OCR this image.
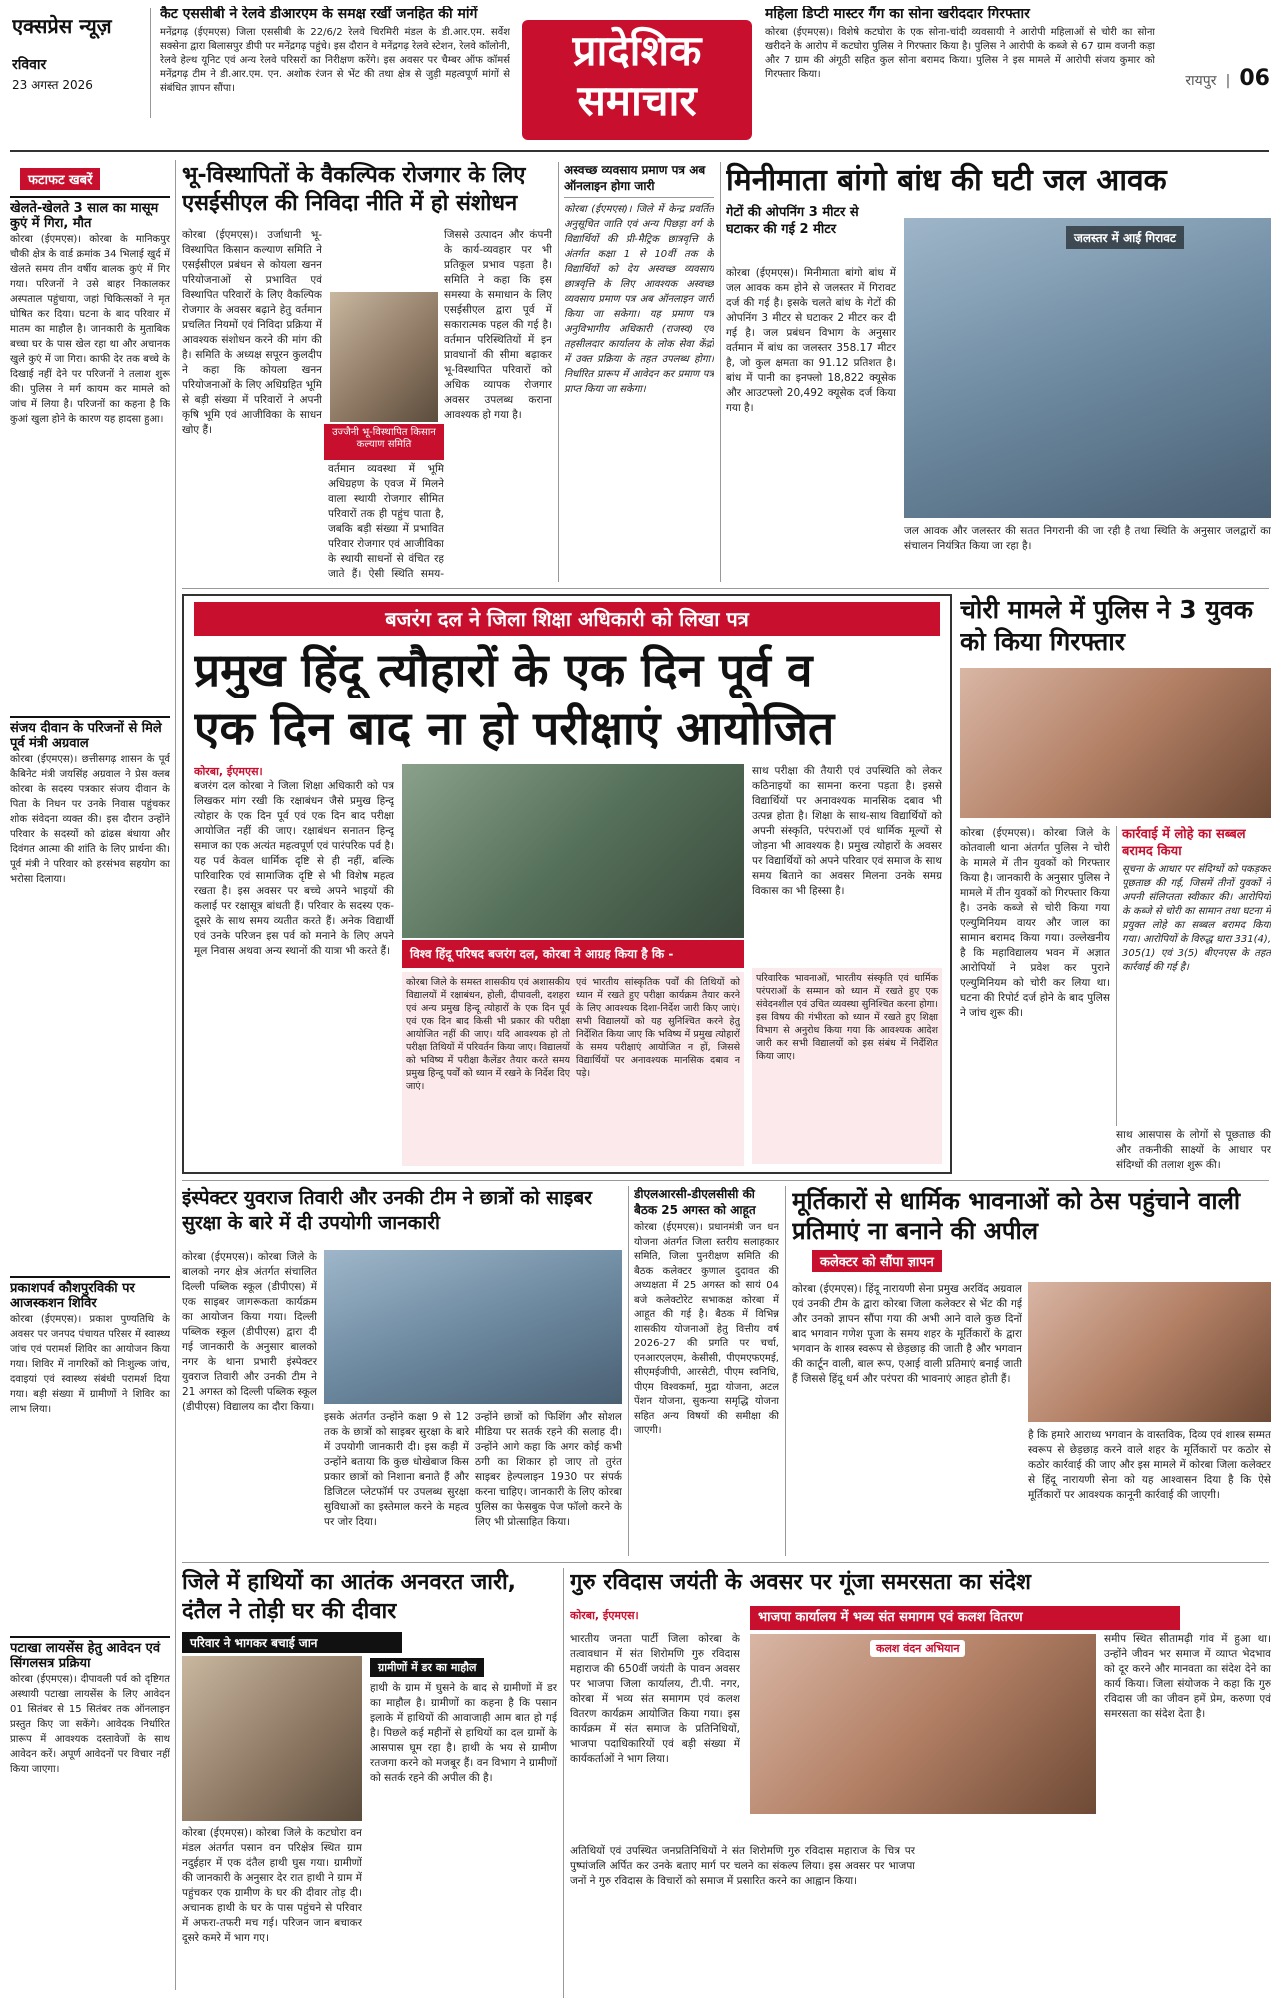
एक्सप्रेस न्यूज़
रविवार
23 अगस्त 2026
कैट एससीबी ने रेलवे डीआरएम के समक्ष रखीं जनहित की मांगें
मनेंद्रगढ़ (ईएमएस) जिला एससीबी के 22/6/2 रेलवे चिरमिरी मंडल के डी.आर.एम. सर्वेश सक्सेना द्वारा बिलासपुर डीपी पर मनेंद्रगढ़ पहुंचे। इस दौरान वे मनेंद्रगढ़ रेलवे स्टेशन, रेलवे कॉलोनी, रेलवे हेल्थ यूनिट एवं अन्य रेलवे परिसरों का निरीक्षण करेंगे। इस अवसर पर चैम्बर ऑफ कॉमर्स मनेंद्रगढ़ टीम ने डी.आर.एम. एन. अशोक रंजन से भेंट की तथा क्षेत्र से जुड़ी महत्वपूर्ण मांगों से संबंधित ज्ञापन सौंपा।
प्रादेशिक
समाचार
महिला डिप्टी मास्टर गैंग का सोना खरीददार गिरफ्तार
कोरबा (ईएमएस)। विशेषे कटघोरा के एक सोना-चांदी व्यवसायी ने आरोपी महिलाओं से चोरी का सोना खरीदने के आरोप में कटघोरा पुलिस ने गिरफ्तार किया है। पुलिस ने आरोपी के कब्जे से 67 ग्राम वजनी कड़ा और 7 ग्राम की अंगूठी सहित कुल सोना बरामद किया। पुलिस ने इस मामले में आरोपी संजय कुमार को गिरफ्तार किया।	रायपुर | 06
फटाफट खबरें
खेलते-खेलते 3 साल का मासूम कुएं में गिरा, मौत
कोरबा (ईएमएस)। कोरबा के मानिकपुर चौकी क्षेत्र के वार्ड क्रमांक 34 भिलाई खुर्द में खेलते समय तीन वर्षीय बालक कुएं में गिर गया। परिजनों ने उसे बाहर निकालकर अस्पताल पहुंचाया, जहां चिकित्सकों ने मृत घोषित कर दिया। घटना के बाद परिवार में मातम का माहौल है। जानकारी के मुताबिक बच्चा घर के पास खेल रहा था और अचानक खुले कुएं में जा गिरा। काफी देर तक बच्चे के दिखाई नहीं देने पर परिजनों ने तलाश शुरू की। पुलिस ने मर्ग कायम कर मामले को जांच में लिया है। परिजनों का कहना है कि कुआं खुला होने के कारण यह हादसा हुआ।
संजय दीवान के परिजनों से मिले पूर्व मंत्री अग्रवाल
कोरबा (ईएमएस)। छत्तीसगढ़ शासन के पूर्व कैबिनेट मंत्री जयसिंह अग्रवाल ने प्रेस क्लब कोरबा के सदस्य पत्रकार संजय दीवान के पिता के निधन पर उनके निवास पहुंचकर शोक संवेदना व्यक्त की। इस दौरान उन्होंने परिवार के सदस्यों को ढांढस बंधाया और दिवंगत आत्मा की शांति के लिए प्रार्थना की। पूर्व मंत्री ने परिवार को हरसंभव सहयोग का भरोसा दिलाया।
प्रकाशपर्व कौशपुरविकी पर आजस्कशन शिविर
कोरबा (ईएमएस)। प्रकाश पुण्यतिथि के अवसर पर जनपद पंचायत परिसर में स्वास्थ्य जांच एवं परामर्श शिविर का आयोजन किया गया। शिविर में नागरिकों को निःशुल्क जांच, दवाइयां एवं स्वास्थ्य संबंधी परामर्श दिया गया। बड़ी संख्या में ग्रामीणों ने शिविर का लाभ लिया।
पटाखा लायसेंस हेतु आवेदन एवं सिंगलसत्र प्रक्रिया
कोरबा (ईएमएस)। दीपावली पर्व को दृष्टिगत अस्थायी पटाखा लायसेंस के लिए आवेदन 01 सितंबर से 15 सितंबर तक ऑनलाइन प्रस्तुत किए जा सकेंगे। आवेदक निर्धारित प्रारूप में आवश्यक दस्तावेजों के साथ आवेदन करें। अपूर्ण आवेदनों पर विचार नहीं किया जाएगा।
भू-विस्थापितों के वैकल्पिक रोजगार के लिए एसईसीएल की निविदा नीति में हो संशोधन
उज्जैनी भू-विस्थापित किसान कल्याण समिति
कोरबा (ईएमएस)। उर्जाधानी भू-विस्थापित किसान कल्याण समिति ने एसईसीएल प्रबंधन से कोयला खनन परियोजनाओं से प्रभावित एवं विस्थापित परिवारों के लिए वैकल्पिक रोजगार के अवसर बढ़ाने हेतु वर्तमान प्रचलित नियमों एवं निविदा प्रक्रिया में आवश्यक संशोधन करने की मांग की है। समिति के अध्यक्ष सपूरन कुलदीप ने कहा कि कोयला खनन परियोजनाओं के लिए अधिग्रहित भूमि से बड़ी संख्या में परिवारों ने अपनी कृषि भूमि एवं आजीविका के साधन खोए हैं।
वर्तमान व्यवस्था में भूमि अधिग्रहण के एवज में मिलने वाला स्थायी रोजगार सीमित परिवारों तक ही पहुंच पाता है, जबकि बड़ी संख्या में प्रभावित परिवार रोजगार एवं आजीविका के स्थायी साधनों से वंचित रह जाते हैं। ऐसी स्थिति समय-
जिससे उत्पादन और कंपनी के कार्य-व्यवहार पर भी प्रतिकूल प्रभाव पड़ता है। समिति ने कहा कि इस समस्या के समाधान के लिए एसईसीएल द्वारा पूर्व में सकारात्मक पहल की गई है। वर्तमान परिस्थितियों में इन प्रावधानों की सीमा बढ़ाकर भू-विस्थापित परिवारों को अधिक व्यापक रोजगार अवसर उपलब्ध कराना आवश्यक हो गया है।
अस्वच्छ व्यवसाय प्रमाण पत्र अब ऑनलाइन होगा जारी
कोरबा (ईएमएस)। जिले में केन्द्र प्रवर्तित अनुसूचित जाति एवं अन्य पिछड़ा वर्ग के विद्यार्थियों की प्री-मैट्रिक छात्रवृत्ति के अंतर्गत कक्षा 1 से 10वीं तक के विद्यार्थियों को देय अस्वच्छ व्यवसाय छात्रवृत्ति के लिए आवश्यक अस्वच्छ व्यवसाय प्रमाण पत्र अब ऑनलाइन जारी किया जा सकेगा। यह प्रमाण पत्र अनुविभागीय अधिकारी (राजस्व) एवं तहसीलदार कार्यालय के लोक सेवा केंद्रों में उक्त प्रक्रिया के तहत उपलब्ध होगा। निर्धारित प्रारूप में आवेदन कर प्रमाण पत्र प्राप्त किया जा सकेगा।
मिनीमाता बांगो बांध की घटी जल आवक
गेटों की ओपनिंग 3 मीटर से घटाकर की गई 2 मीटर
कोरबा (ईएमएस)। मिनीमाता बांगो बांध में जल आवक कम होने से जलस्तर में गिरावट दर्ज की गई है। इसके चलते बांध के गेटों की ओपनिंग 3 मीटर से घटाकर 2 मीटर कर दी गई है। जल प्रबंधन विभाग के अनुसार वर्तमान में बांध का जलस्तर 358.17 मीटर है, जो कुल क्षमता का 91.12 प्रतिशत है। बांध में पानी का इनफ्लो 18,822 क्यूसेक और आउटफ्लो 20,492 क्यूसेक दर्ज किया गया है।
जलस्तर में आई गिरावट
जल आवक और जलस्तर की सतत निगरानी की जा रही है तथा स्थिति के अनुसार जलद्वारों का संचालन नियंत्रित किया जा रहा है।
बजरंग दल ने जिला शिक्षा अधिकारी को लिखा पत्र
प्रमुख हिंदू त्यौहारों के एक दिन पूर्व व
एक दिन बाद ना हो परीक्षाएं आयोजित
कोरबा, ईएमएस।
बजरंग दल कोरबा ने जिला शिक्षा अधिकारी को पत्र लिखकर मांग रखी कि रक्षाबंधन जैसे प्रमुख हिन्दू त्योहार के एक दिन पूर्व एवं एक दिन बाद परीक्षा आयोजित नहीं की जाए। रक्षाबंधन सनातन हिन्दू समाज का एक अत्यंत महत्वपूर्ण एवं पारंपरिक पर्व है। यह पर्व केवल धार्मिक दृष्टि से ही नहीं, बल्कि पारिवारिक एवं सामाजिक दृष्टि से भी विशेष महत्व रखता है। इस अवसर पर बच्चे अपने भाइयों की कलाई पर रक्षासूत्र बांधती हैं। परिवार के सदस्य एक-दूसरे के साथ समय व्यतीत करते हैं। अनेक विद्यार्थी एवं उनके परिजन इस पर्व को मनाने के लिए अपने मूल निवास अथवा अन्य स्थानों की यात्रा भी करते हैं।	विश्व हिंदू परिषद बजरंग दल, कोरबा ने आग्रह किया है कि -
कोरबा जिले के समस्त शासकीय एवं अशासकीय विद्यालयों में रक्षाबंधन, होली, दीपावली, दशहरा एवं अन्य प्रमुख हिन्दू त्योहारों के एक दिन पूर्व एवं एक दिन बाद किसी भी प्रकार की परीक्षा आयोजित नहीं की जाए। यदि आवश्यक हो तो परीक्षा तिथियों में परिवर्तन किया जाए। विद्यालयों को भविष्य में परीक्षा कैलेंडर तैयार करते समय प्रमुख हिन्दू पर्वों को ध्यान में रखने के निर्देश दिए जाएं।
एवं भारतीय सांस्कृतिक पर्वों की तिथियों को ध्यान में रखते हुए परीक्षा कार्यक्रम तैयार करने के लिए आवश्यक दिशा-निर्देश जारी किए जाएं। सभी विद्यालयों को यह सुनिश्चित करने हेतु निर्देशित किया जाए कि भविष्य में प्रमुख त्योहारों के समय परीक्षाएं आयोजित न हों, जिससे विद्यार्थियों पर अनावश्यक मानसिक दबाव न पड़े।
साथ परीक्षा की तैयारी एवं उपस्थिति को लेकर कठिनाइयों का सामना करना पड़ता है। इससे विद्यार्थियों पर अनावश्यक मानसिक दबाव भी उत्पन्न होता है। शिक्षा के साथ-साथ विद्यार्थियों को अपनी संस्कृति, परंपराओं एवं धार्मिक मूल्यों से जोड़ना भी आवश्यक है। प्रमुख त्योहारों के अवसर पर विद्यार्थियों को अपने परिवार एवं समाज के साथ समय बिताने का अवसर मिलना उनके समग्र विकास का भी हिस्सा है।
परिवारिक भावनाओं, भारतीय संस्कृति एवं धार्मिक परंपराओं के सम्मान को ध्यान में रखते हुए एक संवेदनशील एवं उचित व्यवस्था सुनिश्चित करना होगा। इस विषय की गंभीरता को ध्यान में रखते हुए शिक्षा विभाग से अनुरोध किया गया कि आवश्यक आदेश जारी कर सभी विद्यालयों को इस संबंध में निर्देशित किया जाए।
चोरी मामले में पुलिस ने 3 युवक को किया गिरफ्तार
कोरबा (ईएमएस)। कोरबा जिले के कोतवाली थाना अंतर्गत पुलिस ने चोरी के मामले में तीन युवकों को गिरफ्तार किया है। जानकारी के अनुसार पुलिस ने मामले में तीन युवकों को गिरफ्तार किया है। उनके कब्जे से चोरी किया गया एल्युमिनियम वायर और जाल का सामान बरामद किया गया। उल्लेखनीय है कि महाविद्यालय भवन में अज्ञात आरोपियों ने प्रवेश कर पुराने एल्युमिनियम को चोरी कर लिया था। घटना की रिपोर्ट दर्ज होने के बाद पुलिस ने जांच शुरू की।
कार्रवाई में लोहे का सब्बल बरामद किया
सूचना के आधार पर संदिग्धों को पकड़कर पूछताछ की गई, जिसमें तीनों युवकों ने अपनी संलिप्तता स्वीकार की। आरोपियों के कब्जे से चोरी का सामान तथा घटना में प्रयुक्त लोहे का सब्बल बरामद किया गया। आरोपियों के विरुद्ध धारा 331(4), 305(1) एवं 3(5) बीएनएस के तहत कार्रवाई की गई है।
साथ आसपास के लोगों से पूछताछ की और तकनीकी साक्ष्यों के आधार पर संदिग्धों की तलाश शुरू की।
इंस्पेक्टर युवराज तिवारी और उनकी टीम ने छात्रों को साइबर सुरक्षा के बारे में दी उपयोगी जानकारी
कोरबा (ईएमएस)। कोरबा जिले के बालको नगर क्षेत्र अंतर्गत संचालित दिल्ली पब्लिक स्कूल (डीपीएस) में एक साइबर जागरूकता कार्यक्रम का आयोजन किया गया। दिल्ली पब्लिक स्कूल (डीपीएस) द्वारा दी गई जानकारी के अनुसार बालको नगर के थाना प्रभारी इंस्पेक्टर युवराज तिवारी और उनकी टीम ने 21 अगस्त को दिल्ली पब्लिक स्कूल (डीपीएस) विद्यालय का दौरा किया।
इसके अंतर्गत उन्होंने कक्षा 9 से 12 तक के छात्रों को साइबर सुरक्षा के बारे में उपयोगी जानकारी दी। इस कड़ी में उन्होंने बताया कि कुछ धोखेबाज किस प्रकार छात्रों को निशाना बनाते हैं और डिजिटल प्लेटफॉर्म पर उपलब्ध सुरक्षा सुविधाओं का इस्तेमाल करने के महत्व पर जोर दिया।
उन्होंने छात्रों को फिशिंग और सोशल मीडिया पर सतर्क रहने की सलाह दी। उन्होंने आगे कहा कि अगर कोई कभी ठगी का शिकार हो जाए तो तुरंत साइबर हेल्पलाइन 1930 पर संपर्क करना चाहिए। जानकारी के लिए कोरबा पुलिस का फेसबुक पेज फॉलो करने के लिए भी प्रोत्साहित किया।
डीएलआरसी-डीएलसीसी की बैठक 25 अगस्त को आहूत
कोरबा (ईएमएस)। प्रधानमंत्री जन धन योजना अंतर्गत जिला स्तरीय सलाहकार समिति, जिला पुनरीक्षण समिति की बैठक कलेक्टर कुणाल दुदावत की अध्यक्षता में 25 अगस्त को सायं 04 बजे कलेक्टोरेट सभाकक्ष कोरबा में आहूत की गई है। बैठक में विभिन्न शासकीय योजनाओं हेतु वित्तीय वर्ष 2026-27 की प्रगति पर चर्चा, एनआरएलएम, केसीसी, पीएमएफएमई, सीएमईजीपी, आरसेटी, पीएम स्वनिधि, पीएम विश्वकर्मा, मुद्रा योजना, अटल पेंशन योजना, सुकन्या समृद्धि योजना सहित अन्य विषयों की समीक्षा की जाएगी।
मूर्तिकारों से धार्मिक भावनाओं को ठेस पहुंचाने वाली प्रतिमाएं ना बनाने की अपील
कलेक्टर को सौंपा ज्ञापन
कोरबा (ईएमएस)। हिंदू नारायणी सेना प्रमुख अरविंद अग्रवाल एवं उनकी टीम के द्वारा कोरबा जिला कलेक्टर से भेंट की गई और उनको ज्ञापन सौंपा गया की अभी आने वाले कुछ दिनों बाद भगवान गणेश पूजा के समय शहर के मूर्तिकारों के द्वारा भगवान के शास्त्र स्वरूप से छेड़छाड़ की जाती है और भगवान की कार्टून वाली, बाल रूप, एआई वाली प्रतिमाएं बनाई जाती हैं जिससे हिंदू धर्म और परंपरा की भावनाएं आहत होती हैं।
है कि हमारे आराध्य भगवान के वास्तविक, दिव्य एवं शास्त्र सम्मत स्वरूप से छेड़छाड़ करने वाले शहर के मूर्तिकारों पर कठोर से कठोर कार्रवाई की जाए और इस मामले में कोरबा जिला कलेक्टर से हिंदू नारायणी सेना को यह आश्वासन दिया है कि ऐसे मूर्तिकारों पर आवश्यक कानूनी कार्रवाई की जाएगी।
जिले में हाथियों का आतंक अनवरत जारी, दंतैल ने तोड़ी घर की दीवार
परिवार ने भागकर बचाई जान
कोरबा (ईएमएस)। कोरबा जिले के कटघोरा वन मंडल अंतर्गत पसान वन परिक्षेत्र स्थित ग्राम नदुईहार में एक दंतैल हाथी घुस गया। ग्रामीणों की जानकारी के अनुसार देर रात हाथी ने ग्राम में पहुंचकर एक ग्रामीण के घर की दीवार तोड़ दी। अचानक हाथी के घर के पास पहुंचने से परिवार में अफरा-तफरी मच गई। परिजन जान बचाकर दूसरे कमरे में भाग गए।
ग्रामीणों में डर का माहौल
हाथी के ग्राम में घुसने के बाद से ग्रामीणों में डर का माहौल है। ग्रामीणों का कहना है कि पसान इलाके में हाथियों की आवाजाही आम बात हो गई है। पिछले कई महीनों से हाथियों का दल ग्रामों के आसपास घूम रहा है। हाथी के भय से ग्रामीण रतजगा करने को मजबूर हैं। वन विभाग ने ग्रामीणों को सतर्क रहने की अपील की है।
गुरु रविदास जयंती के अवसर पर गूंजा समरसता का संदेश
कोरबा, ईएमएस।	भाजपा कार्यालय में भव्य संत समागम एवं कलश वितरण
भारतीय जनता पार्टी जिला कोरबा के तत्वावधान में संत शिरोमणि गुरु रविदास महाराज की 650वीं जयंती के पावन अवसर पर भाजपा जिला कार्यालय, टी.पी. नगर, कोरबा में भव्य संत समागम एवं कलश वितरण कार्यक्रम आयोजित किया गया। इस कार्यक्रम में संत समाज के प्रतिनिधियों, भाजपा पदाधिकारियों एवं बड़ी संख्या में कार्यकर्ताओं ने भाग लिया।
कलश वंदन अभियान
अतिथियों एवं उपस्थित जनप्रतिनिधियों ने संत शिरोमणि गुरु रविदास महाराज के चित्र पर पुष्पांजलि अर्पित कर उनके बताए मार्ग पर चलने का संकल्प लिया। इस अवसर पर भाजपा जनों ने गुरु रविदास के विचारों को समाज में प्रसारित करने का आह्वान किया।
समीप स्थित सीतामढ़ी गांव में हुआ था। उन्होंने जीवन भर समाज में व्याप्त भेदभाव को दूर करने और मानवता का संदेश देने का कार्य किया। जिला संयोजक ने कहा कि गुरु रविदास जी का जीवन हमें प्रेम, करुणा एवं समरसता का संदेश देता है।
